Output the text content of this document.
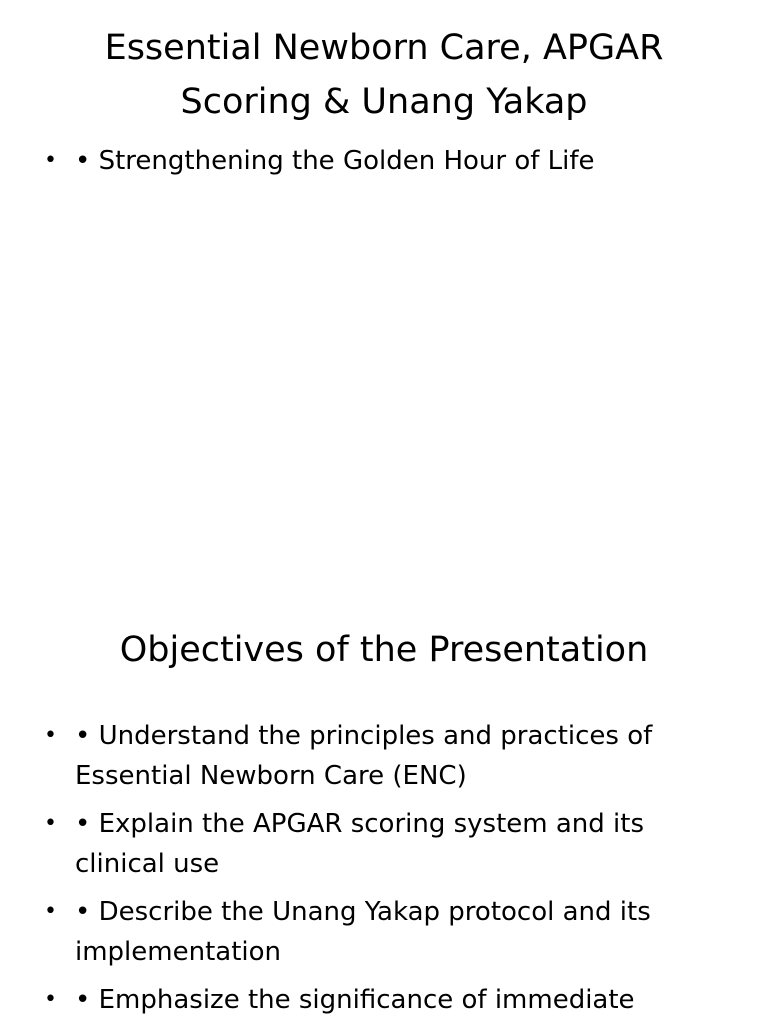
Essential Newborn Care, APGAR Scoring & Unang Yakap
• • Strengthening the Golden Hour of Life
Objectives of the Presentation
• • Understand the principles and practices of Essential Newborn Care (ENC)
• • Explain the APGAR scoring system and its clinical use
• • Describe the Unang Yakap protocol and its implementation
• • Emphasize the significance of immediate
